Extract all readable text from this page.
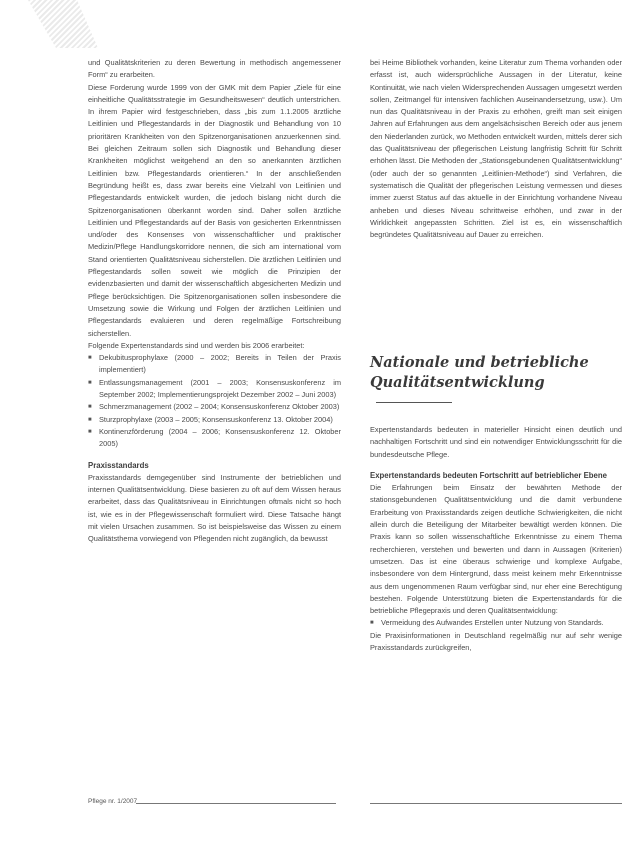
und Qualitätskriterien zu deren Bewertung in methodisch angemessener Form“ zu erarbeiten.

Diese Forderung wurde 1999 von der GMK mit dem Papier „Ziele für eine einheitliche Qualitätsstrategie im Gesundheitswesen“ deutlich unterstrichen. In ihrem Papier wird festgeschrieben, dass „bis zum 1.1.2005 ärztliche Leitlinien und Pflegestandards in der Diagnostik und Behandlung von 10 prioritären Krankheiten von den Spitzenorganisationen anzuerkennen sind. Bei gleichen Zeitraum sollen sich Diagnostik und Behandlung dieser Krankheiten möglichst weitgehend an den so anerkannten ärztlichen Leitlinien bzw. Pflegestandards orientieren.“ In der anschließenden Begründung heißt es, dass zwar bereits eine Vielzahl von Leitlinien und Pflegestandards entwickelt wurden, die jedoch bislang nicht durch die Spitzenorganisationen überkannt worden sind. Daher sollen ärztliche Leitlinien und Pflegestandards auf der Basis von gesicherten Erkenntnissen und/oder des Konsenses von wissenschaftlicher und praktischer Medizin/Pflege Handlungskorridore nennen, die sich am international vom Stand orientierten Qualitätsniveau sicherstellen. Die ärztlichen Leitlinien und Pflegestandards sollen soweit wie möglich die Prinzipien der evidenzbasierten und damit der wissenschaftlich abgesicherten Medizin und Pflege berücksichtigen. Die Spitzenorganisationen sollen insbesondere die Umsetzung sowie die Wirkung und Folgen der ärztlichen Leitlinien und Pflegestandards evaluieren und deren regelmäßige Fortschreibung sicherstellen.

Folgende Expertenstandards sind und werden bis 2006 erarbeitet:

■ Dekubitusprophylaxe (2000 – 2002; Bereits in Teilen der Praxis implementiert)
■ Entlassungsmanagement (2001 – 2003; Konsensuskonferenz im September 2002; Implementierungsprojekt Dezember 2002 – Juni 2003)
■ Schmerzmanagement (2002 – 2004; Konsensuskonferenz Oktober 2003)
■ Sturzprophylaxe (2003 – 2005; Konsensuskonferenz 13. Oktober 2004)
■ Kontinenzförderung (2004 – 2006; Konsensuskonferenz 12. Oktober 2005)
Praxisstandards

Praxisstandards demgegenüber sind Instrumente der betrieblichen und internen Qualitätsentwicklung. Diese basieren zu oft auf dem Wissen heraus erarbeitet, dass das Qualitätsniveau in Einrichtungen oftmals nicht so hoch ist, wie es in der Pflegewissenschaft formuliert wird. Diese Tatsache hängt mit vielen Ursachen zusammen. So ist beispielsweise das Wissen zu einem Qualitätsthema vorwiegend von Pflegenden nicht zugänglich, da bewusst

bei Heime Bibliothek vorhanden, keine Literatur zum Thema vorhanden oder erfasst ist, auch widersprüchliche Aussagen in der Literatur, keine Kontinuität, wie nach vielen Widersprechenden Aussagen umgesetzt werden sollen, Zeitmangel für intensiven fachlichen Auseinandersetzung, usw.). Um nun das Qualitätsniveau in der Praxis zu erhöhen, greift man seit einigen Jahren auf Erfahrungen aus dem angelsächsischen Bereich oder aus jenem den Niederlanden zurück, wo Methoden entwickelt wurden, mittels derer sich das Qualitätsniveau der pflegerischen Leistung langfristig Schritt für Schritt erhöhen lässt. Die Methoden der „Stationsgebundenen Qualitätsentwicklung“ (oder auch der so genannten „Leitlinien-Methode“) sind Verfahren, die systematisch die Qualität der pflegerischen Leistung vermessen und dieses immer zuerst Status auf das aktuelle in der Einrichtung vorhandene Niveau anheben und dieses Niveau schrittweise erhöhen, und zwar in der Wirklichkeit angepassten Schritten. Ziel ist es, ein wissenschaftlich begründetes Qualitätsniveau auf Dauer zu erreichen.

Nationale und betriebliche
Qualitätsentwicklung

Expertenstandards bedeuten in materieller Hinsicht einen deutlich und nachhaltigen Fortschritt und sind ein notwendiger Entwicklungsschritt für die bundesdeutsche Pflege.

Expertenstandards bedeuten Fortschritt auf betrieblicher Ebene

Die Erfahrungen beim Einsatz der bewährten Methode der stationsgebundenen Qualitätsentwicklung und die damit verbundene Erarbeitung von Praxisstandards zeigen deutliche Schwierigkeiten, die nicht allein durch die Beteiligung der Mitarbeiter bewältigt werden können. Die Praxis kann so sollen wissenschaftliche Erkenntnisse zu einem Thema recherchieren, verstehen und bewerten und dann in Aussagen (Kriterien) umsetzen. Das ist eine überaus schwierige und komplexe Aufgabe, insbesondere von dem Hintergrund, dass meist keinem mehr Erkenntnisse aus dem ungenommenen Raum verfügbar sind, nur eher eine Berechtigung bestehen. Folgende Unterstützung bieten die Expertenstandards für die betriebliche Pflegepraxis und deren Qualitätsentwicklung:

■ Vermeidung des Aufwandes Erstellen unter Nutzung von Standards.

Die Praxisinformationen in Deutschland regelmäßig nur auf sehr wenige Praxisstandards zurückgreifen,

Pflege nr. 1/2007
